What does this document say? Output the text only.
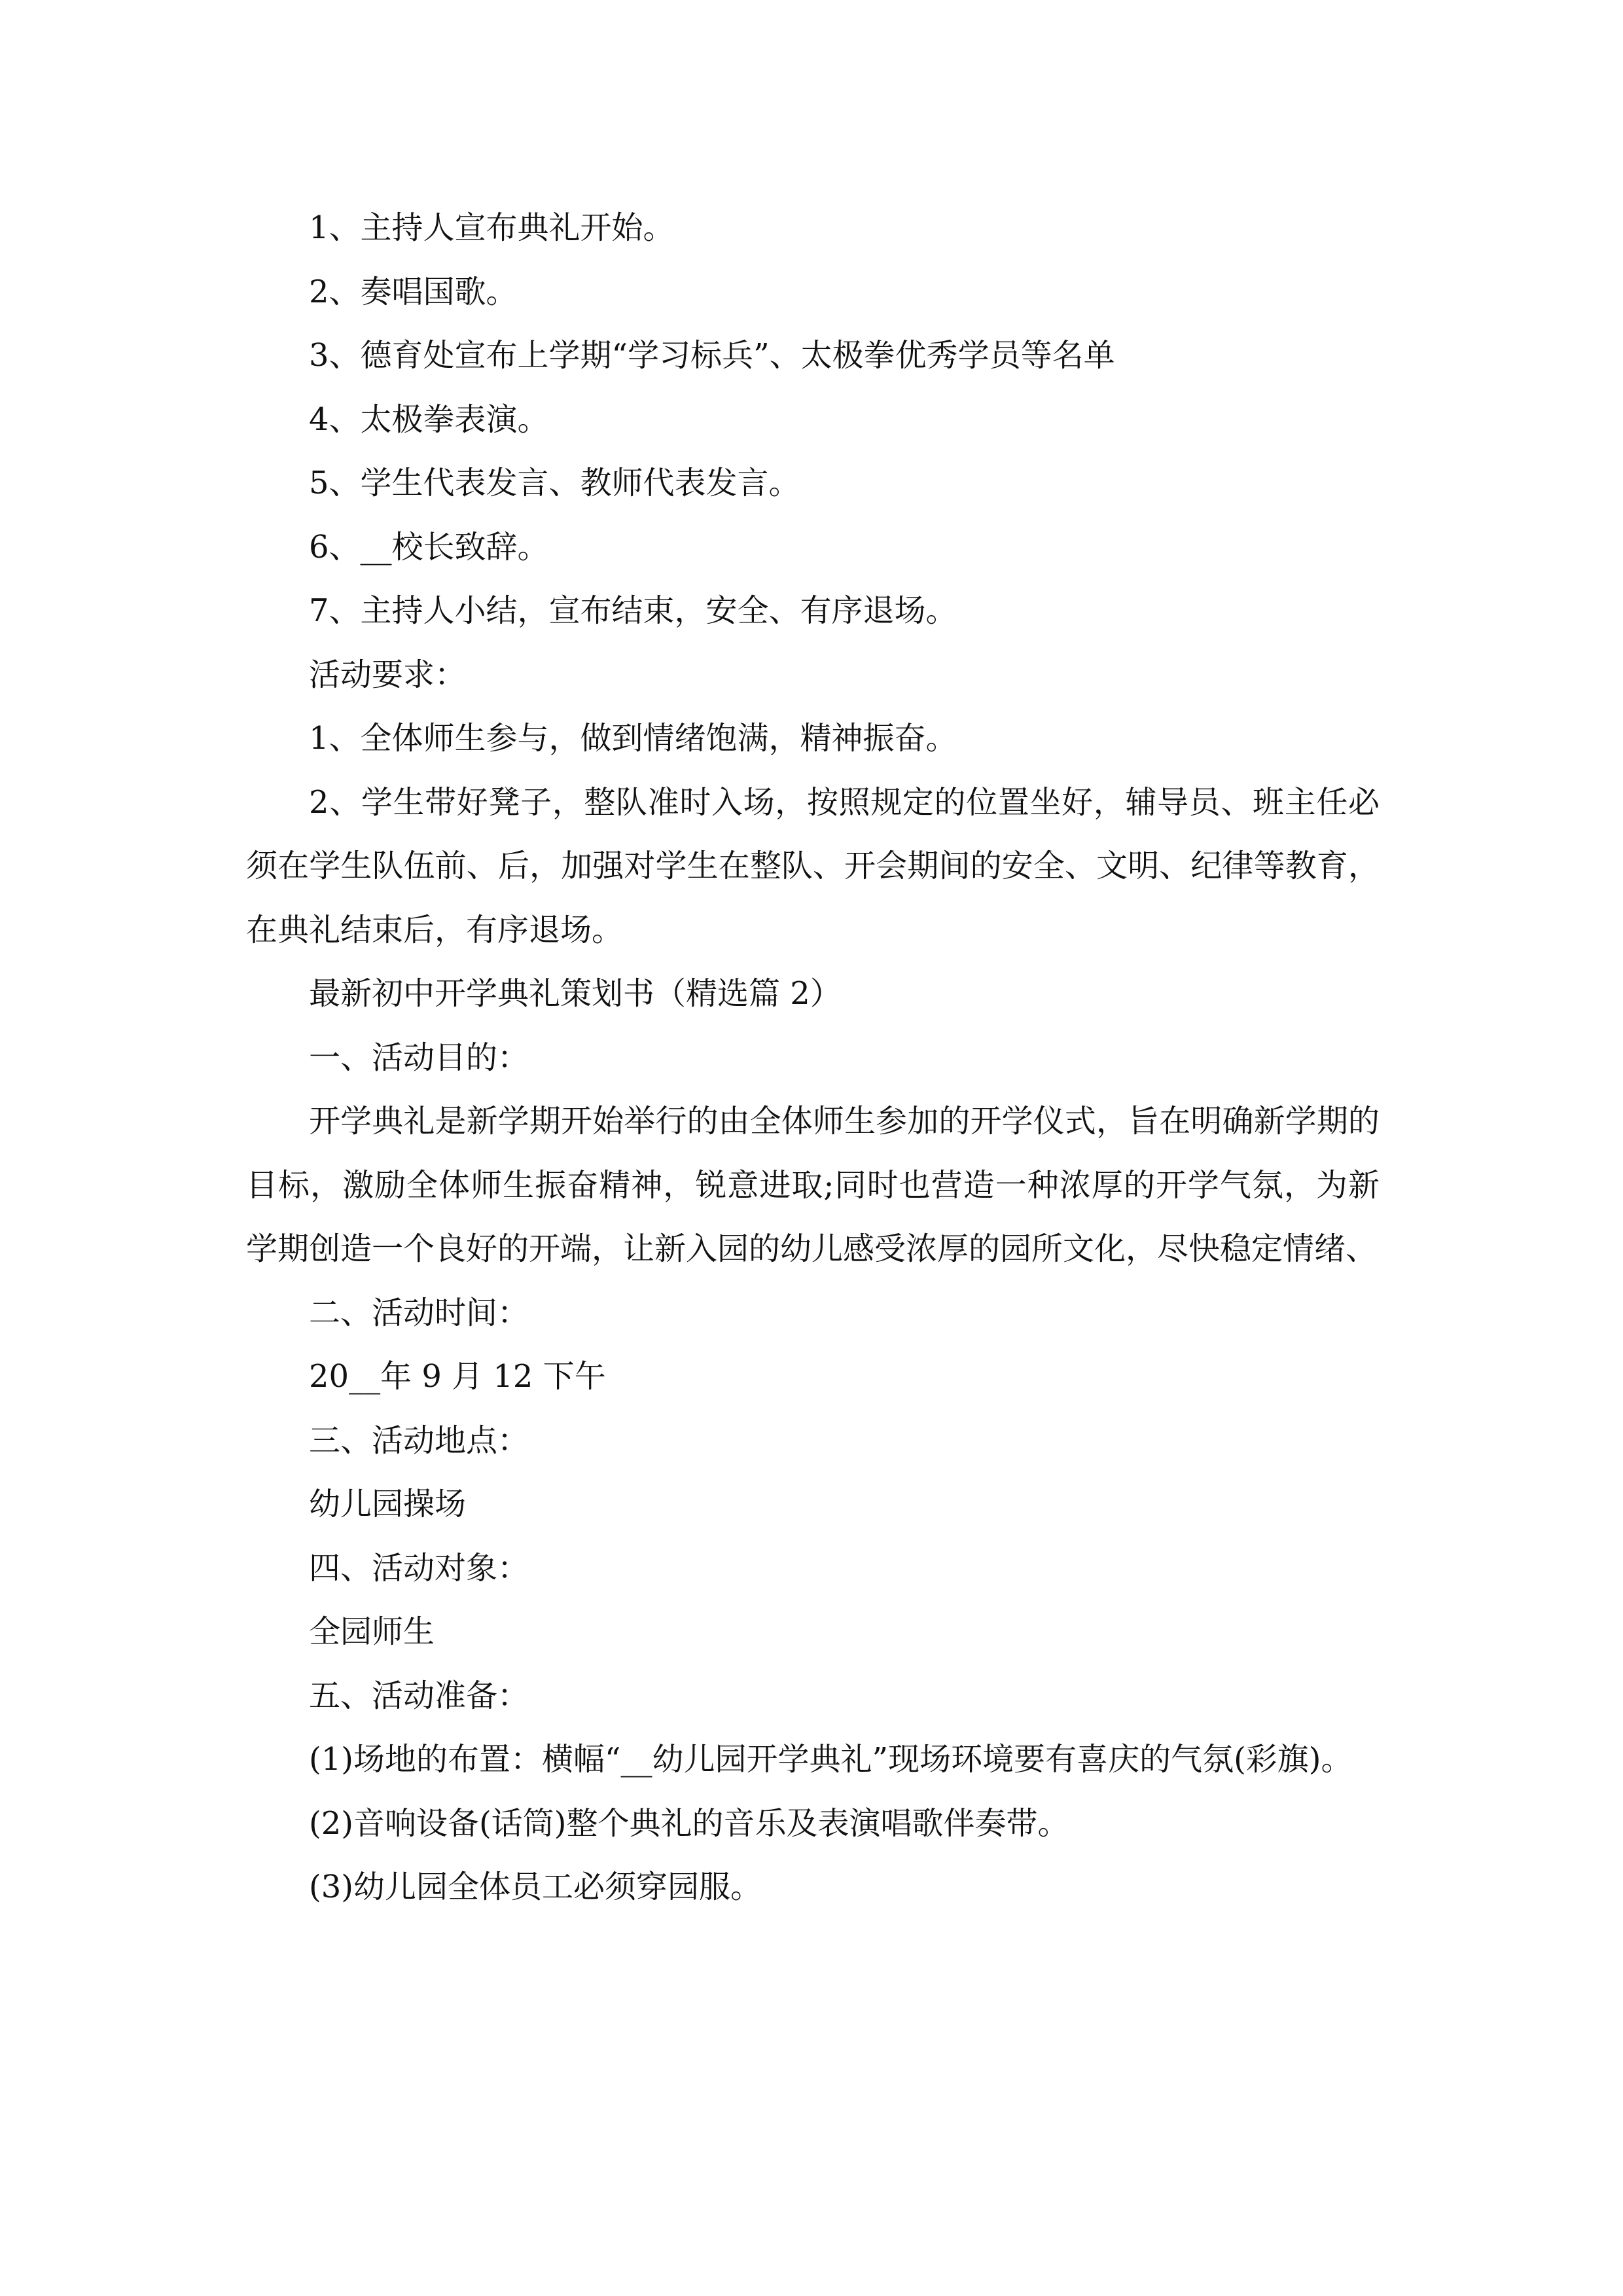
1、主持人宣布典礼开始。

2、奏唱国歌。

3、德育处宣布上学期“学习标兵”、太极拳优秀学员等名单

4、太极拳表演。

5、学生代表发言、教师代表发言。

6、__校长致辞。

7、主持人小结，宣布结束，安全、有序退场。

活动要求：

1、全体师生参与，做到情绪饱满，精神振奋。

2、学生带好凳子，整队准时入场，按照规定的位置坐好，辅导员、班主任必须在学生队伍前、后，加强对学生在整队、开会期间的安全、文明、纪律等教育，在典礼结束后，有序退场。

最新初中开学典礼策划书（精选篇 2）

一、活动目的：

开学典礼是新学期开始举行的由全体师生参加的开学仪式，旨在明确新学期的目标，激励全体师生振奋精神，锐意进取;同时也营造一种浓厚的开学气氛，为新学期创造一个良好的开端，让新入园的幼儿感受浓厚的园所文化，尽快稳定情绪、

二、活动时间：

20__年 9 月 12 下午

三、活动地点：

幼儿园操场

四、活动对象：

全园师生

五、活动准备：

(1)场地的布置：横幅“__幼儿园开学典礼”现场环境要有喜庆的气氛(彩旗)。

(2)音响设备(话筒)整个典礼的音乐及表演唱歌伴奏带。

(3)幼儿园全体员工必须穿园服。
